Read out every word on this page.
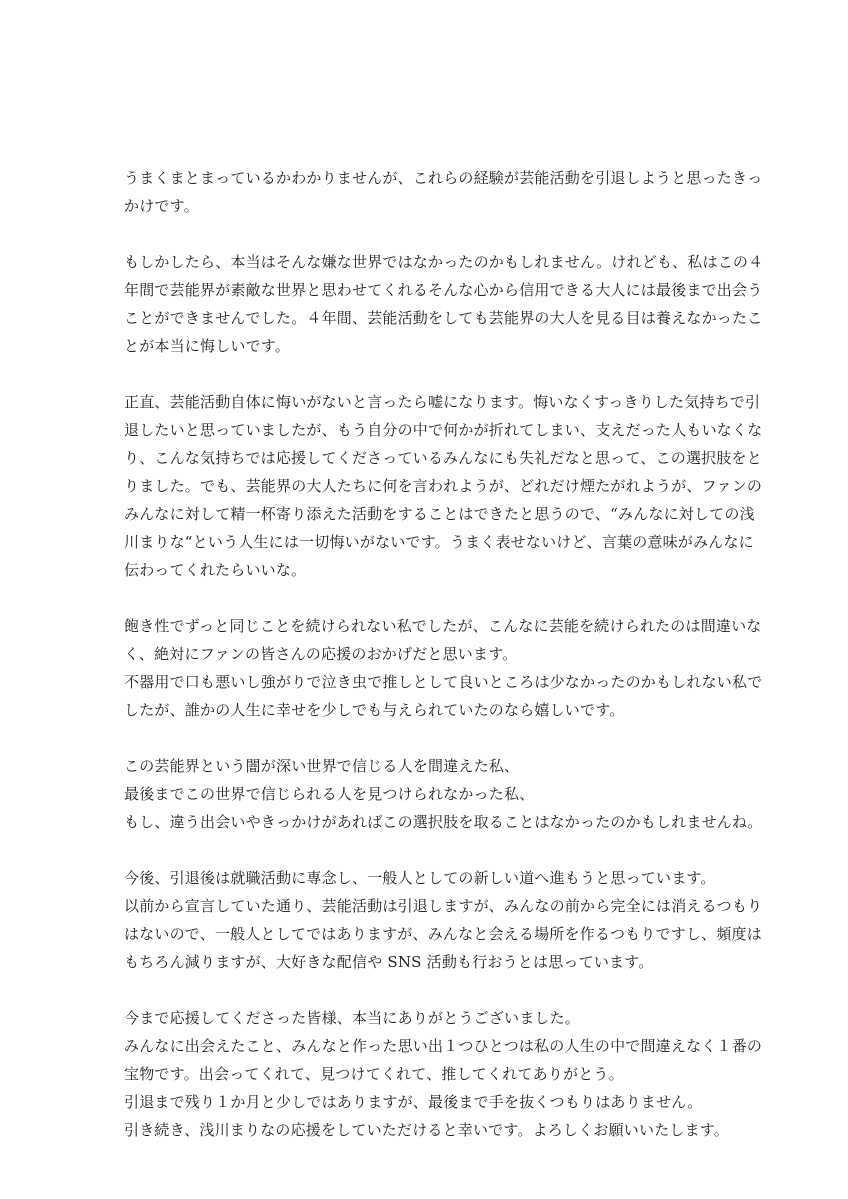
うまくまとまっているかわかりませんが、これらの経験が芸能活動を引退しようと思ったきっ
かけです。

もしかしたら、本当はそんな嫌な世界ではなかったのかもしれません。けれども、私はこの４
年間で芸能界が素敵な世界と思わせてくれるそんな心から信用できる大人には最後まで出会う
ことができませんでした。４年間、芸能活動をしても芸能界の大人を見る目は養えなかったこ
とが本当に悔しいです。

正直、芸能活動自体に悔いがないと言ったら嘘になります。悔いなくすっきりした気持ちで引
退したいと思っていましたが、もう自分の中で何かが折れてしまい、支えだった人もいなくな
り、こんな気持ちでは応援してくださっているみんなにも失礼だなと思って、この選択肢をと
りました。でも、芸能界の大人たちに何を言われようが、どれだけ煙たがれようが、ファンの
みんなに対して精一杯寄り添えた活動をすることはできたと思うので、“みんなに対しての浅
川まりな“という人生には一切悔いがないです。うまく表せないけど、言葉の意味がみんなに
伝わってくれたらいいな。

飽き性でずっと同じことを続けられない私でしたが、こんなに芸能を続けられたのは間違いな
く、絶対にファンの皆さんの応援のおかげだと思います。
不器用で口も悪いし強がりで泣き虫で推しとして良いところは少なかったのかもしれない私で
したが、誰かの人生に幸せを少しでも与えられていたのなら嬉しいです。

この芸能界という闇が深い世界で信じる人を間違えた私、
最後までこの世界で信じられる人を見つけられなかった私、
もし、違う出会いやきっかけがあればこの選択肢を取ることはなかったのかもしれませんね。

今後、引退後は就職活動に専念し、一般人としての新しい道へ進もうと思っています。
以前から宣言していた通り、芸能活動は引退しますが、みんなの前から完全には消えるつもり
はないので、一般人としてではありますが、みんなと会える場所を作るつもりですし、頻度は
もちろん減りますが、大好きな配信や SNS 活動も行おうとは思っています。

今まで応援してくださった皆様、本当にありがとうございました。
みんなに出会えたこと、みんなと作った思い出１つひとつは私の人生の中で間違えなく１番の
宝物です。出会ってくれて、見つけてくれて、推してくれてありがとう。
引退まで残り１か月と少しではありますが、最後まで手を抜くつもりはありません。
引き続き、浅川まりなの応援をしていただけると幸いです。よろしくお願いいたします。
